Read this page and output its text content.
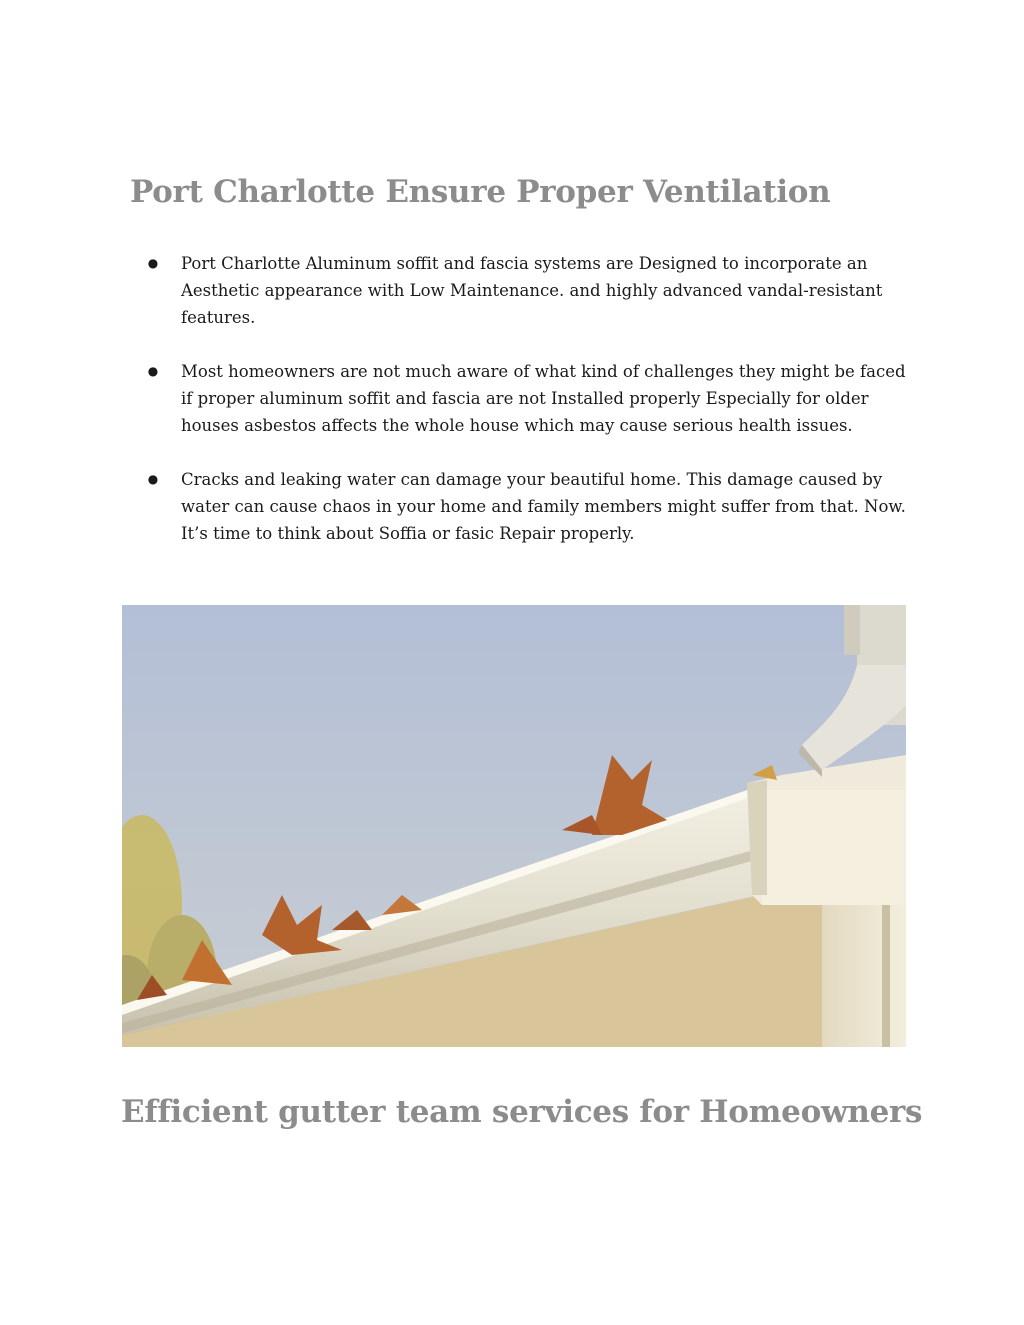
Port Charlotte Ensure Proper Ventilation
● Port Charlotte Aluminum soffit and fascia systems are Designed to incorporate an Aesthetic appearance with Low Maintenance. and highly advanced vandal-resistant features.
● Most homeowners are not much aware of what kind of challenges they might be faced if proper aluminum soffit and fascia are not Installed properly Especially for older houses asbestos affects the whole house which may cause serious health issues.
● Cracks and leaking water can damage your beautiful home. This damage caused by water can cause chaos in your home and family members might suffer from that. Now. It’s time to think about Soffia or fasic Repair properly.
Efficient gutter team services for Homeowners
